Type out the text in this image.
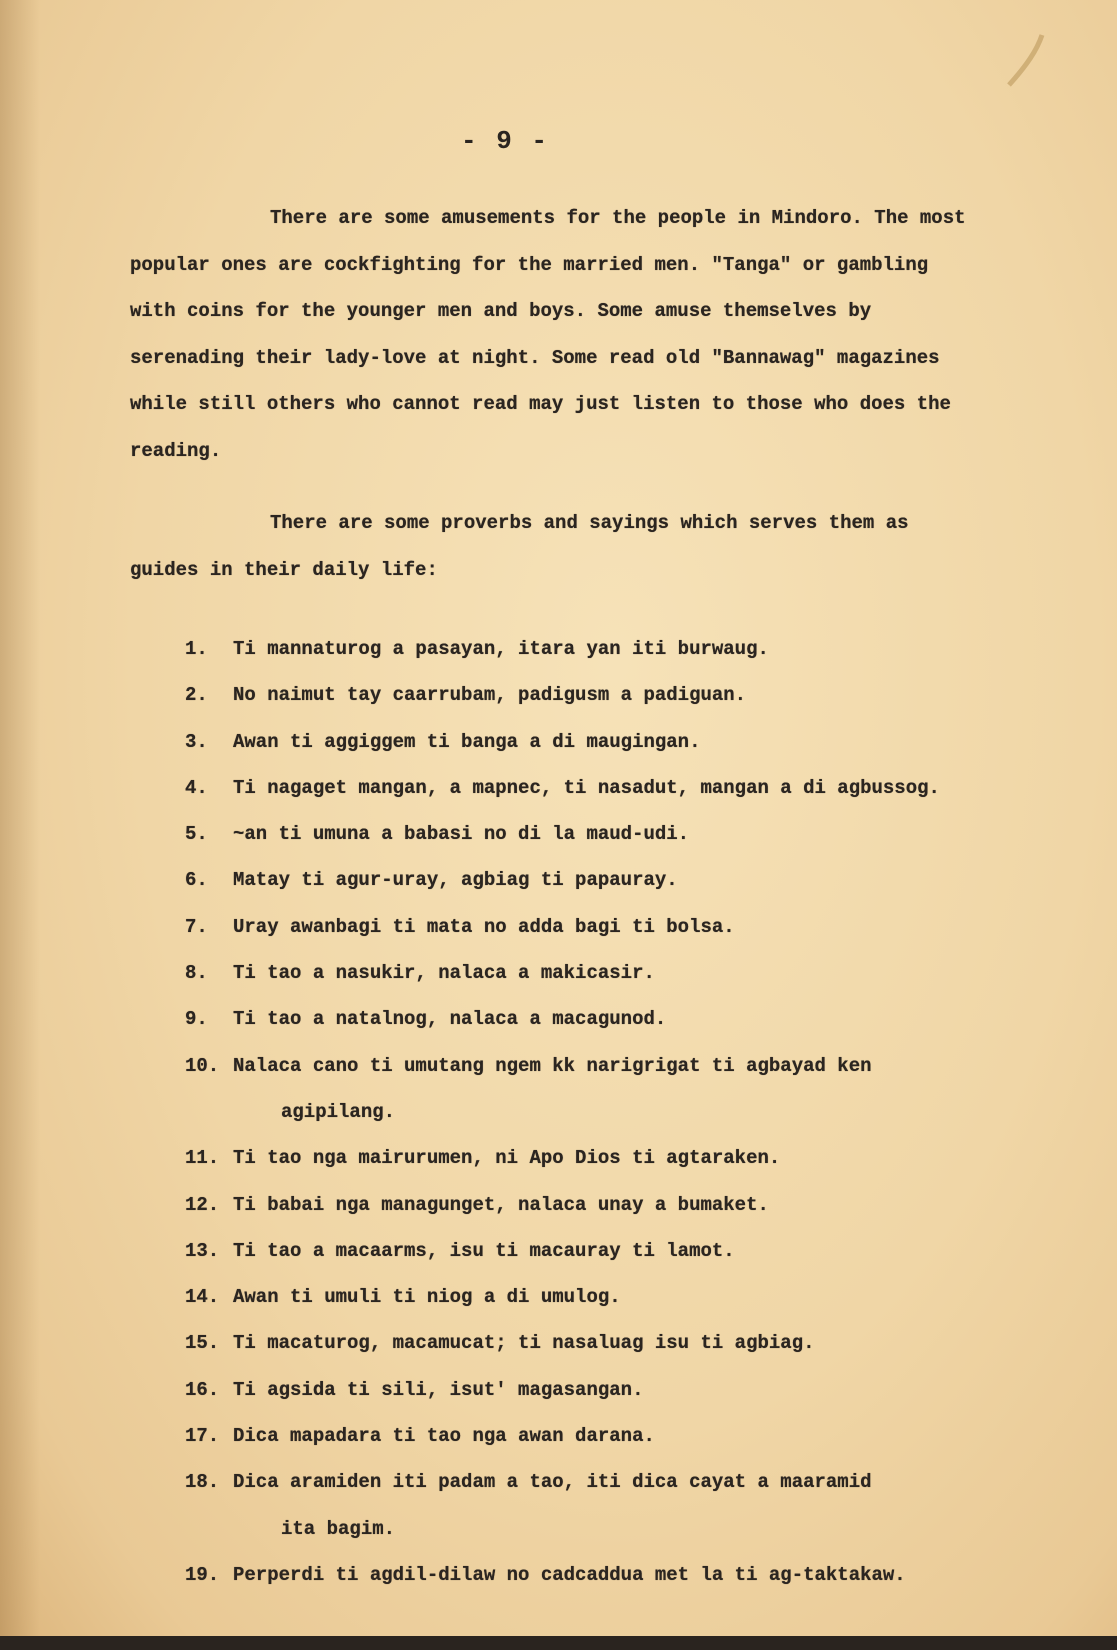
- 9 -
There are some amusements for the people in Mindoro. The most popular ones are cockfighting for the married men. "Tanga" or gambling with coins for the younger men and boys. Some amuse themselves by serenading their lady-love at night. Some read old "Bannawag" magazines while still others who cannot read may just listen to those who does the reading.
There are some proverbs and sayings which serves them as guides in their daily life:
1.	Ti mannaturog a pasayan, itara yan iti burwaug.
2.	No naimut tay caarrubam, padigusm a padiguan.
3.	Awan ti aggiggem ti banga a di maugingan.
4.	Ti nagaget mangan, a mapnec, ti nasadut, mangan a di agbussog.
5.	~an ti umuna a babasi no di la maud-udi.
6.	Matay ti agur-uray, agbiag ti papauray.
7.	Uray awanbagi ti mata no adda bagi ti bolsa.
8.	Ti tao a nasukir, nalaca a makicasir.
9.	Ti tao a natalnog, nalaca a macagunod.
10. Nalaca cano ti umutang ngem kk narigrigat ti agbayad ken
agipilang.
11. Ti tao nga mairurumen, ni Apo Dios ti agtaraken.
12. Ti babai nga managunget, nalaca unay a bumaket.
13. Ti tao a macaarms, isu ti macauray ti lamot.
14. Awan ti umuli ti niog a di umulog.
15. Ti macaturog, macamucat; ti nasaluag isu ti agbiag.
16. Ti agsida ti sili, isut' magasangan.
17. Dica mapadara ti tao nga awan darana.
18. Dica aramiden iti padam a tao, iti dica cayat a maaramid
ita bagim.
19. Perperdi ti agdil-dilaw no cadcaddua met la ti ag-taktakaw.
